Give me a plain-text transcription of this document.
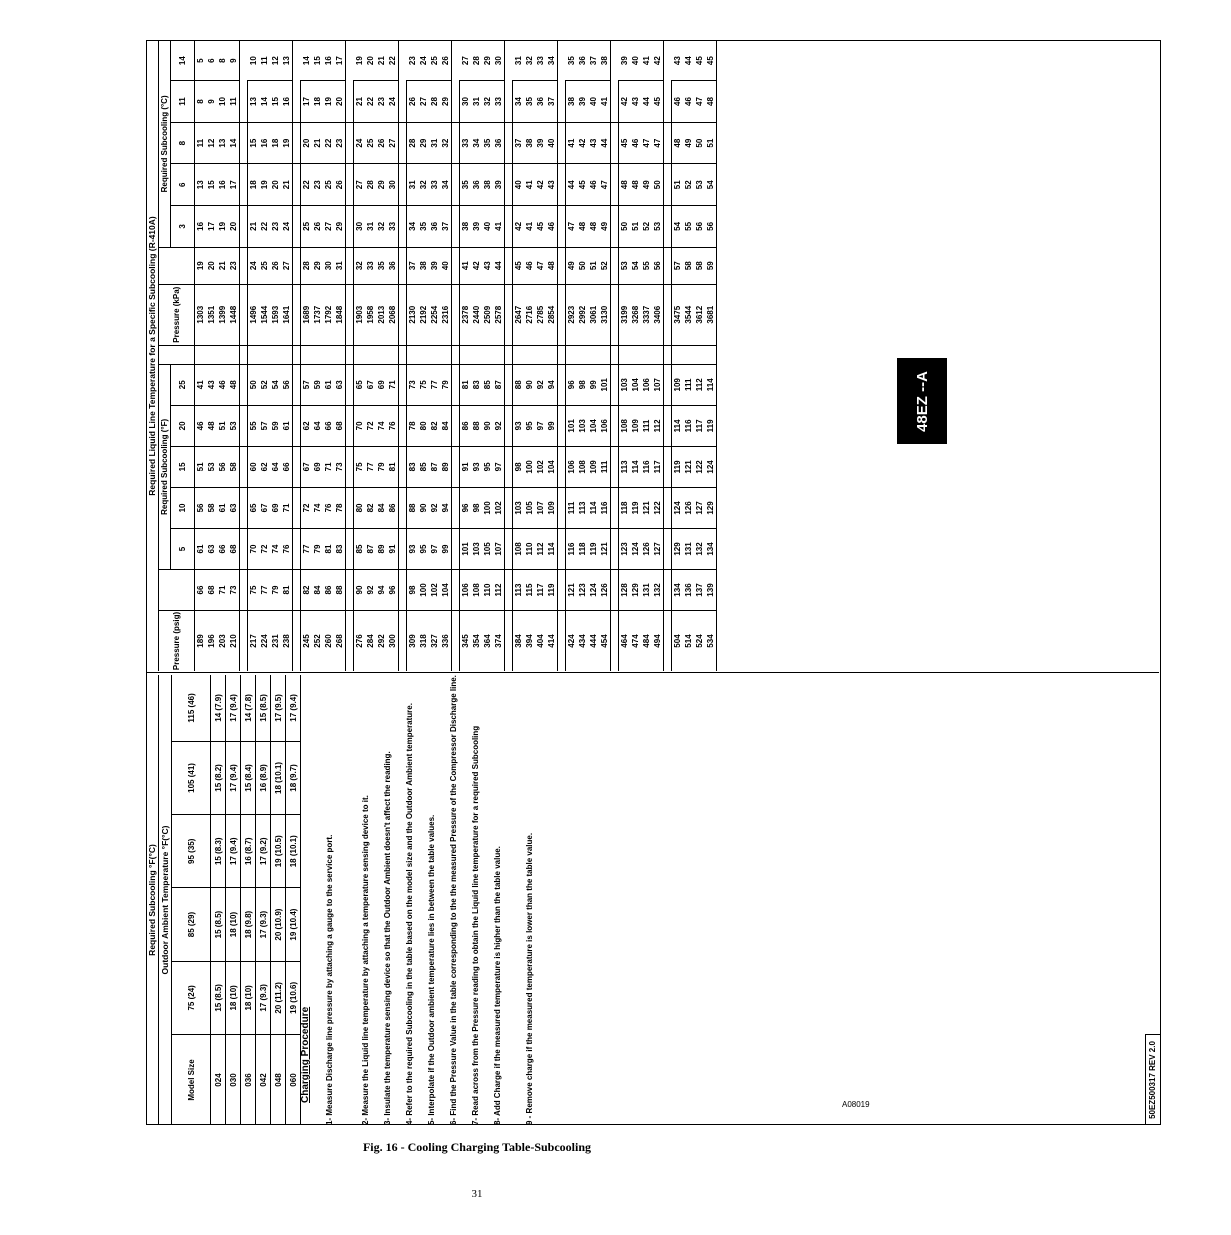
Required Subcooling °F(°C) Outdoor Ambient Temperature °F(°C)
Model Size	75 (24)	85 (29)	95 (35)	105 (41)	115 (46)
024	15 (8.5)	15 (8.5)	15 (8.3)	15 (8.2)	14 (7.9)
030	18 (10)	18 (10)	17 (9.4)	17 (9.4)	17 (9.4)
036	18 (10)	18 (9.8)	16 (8.7)	15 (8.4)	14 (7.8)
042	17 (9.3)	17 (9.3)	17 (9.2)	16 (8.9)	15 (8.5)
048	20 (11.2)	20 (10.9)	19 (10.5)	18 (10.1)	17 (9.5)
060	19 (10.6)	19 (10.4)	18 (10.1)	18 (9.7)	17 (9.4)
Charging Procedure 1- Measure Discharge line pressure by attaching a gauge to the service port.	2- Measure the Liquid line temperature by attaching a temperature sensing device to it.	3- Insulate the temperature sensing device so that the Outdoor Ambient doesn't affect the reading.	4- Refer to the required Subcooling in the table based on the model size and the Outdoor Ambient temperature.	5- Interpolate if the Outdoor ambient temperature lies in between the table values.	6- Find the Pressure Value in the table corresponding to the the measured Pressure of the Compressor Discharge line.	7- Read across from the Pressure reading to obtain the Liquid line temperature for a required Subcooling	8- Add Charge if the measured temperature is higher than the table value.	9 - Remove charge if the measured temperature is lower than the table value.	50EZ500317 REV 2.0
Required Liquid Line Temperature for a Specific Subcooling (R-410A)
Pressure (psig)		Required Subcooling (°F)						Pressure (kPa)		Required Subcooling (°C)				
		5	10	15	20	25				3	6	8	11	14
189	66	61	56	51	46	41		1303	19	16	13	11	8	5
196	68	63	58	53	48	43		1351	20	17	15	12	9	6
203	71	66	61	56	51	46		1399	21	19	16	13	10	8
210	73	68	63	58	53	48		1448	23	20	17	14	11	9

217	75	70	65	60	55	50		1496	24	21	18	15	13	10
224	77	72	67	62	57	52		1544	25	22	19	16	14	11
231	79	74	69	64	59	54		1593	26	23	20	18	15	12
238	81	76	71	66	61	56		1641	27	24	21	19	16	13

245	82	77	72	67	62	57		1689	28	25	22	20	17	14
252	84	79	74	69	64	59		1737	29	26	23	21	18	15
260	86	81	76	71	66	61		1792	30	27	25	22	19	16
268	88	83	78	73	68	63		1848	31	29	26	23	20	17

276	90	85	80	75	70	65		1903	32	30	27	24	21	19
284	92	87	82	77	72	67		1958	33	31	28	25	22	20
292	94	89	84	79	74	69		2013	35	32	29	26	23	21
300	96	91	86	81	76	71		2068	36	33	30	27	24	22

309	98	93	88	83	78	73		2130	37	34	31	28	26	23
318	100	95	90	85	80	75		2192	38	35	32	29	27	24
327	102	97	92	87	82	77		2254	39	36	33	31	28	25
336	104	99	94	89	84	79		2316	40	37	34	32	29	26

345	106	101	96	91	86	81		2378	41	38	35	33	30	27
354	108	103	98	93	88	83		2440	42	39	36	34	31	28
364	110	105	100	95	90	85		2509	43	40	38	35	32	29
374	112	107	102	97	92	87		2578	44	41	39	36	33	30

384	113	108	103	98	93	88		2647	45	42	40	37	34	31
394	115	110	105	100	95	90		2716	46	41	41	38	35	32
404	117	112	107	102	97	92		2785	47	45	42	39	36	33
414	119	114	109	104	99	94		2854	48	46	43	40	37	34

424	121	116	111	106	101	96		2923	49	47	44	41	38	35
434	123	118	113	108	103	98		2992	50	48	45	42	39	36
444	124	119	114	109	104	99		3061	51	48	46	43	40	37
454	126	121	116	111	106	101		3130	52	49	47	44	41	38

464	128	123	118	113	108	103		3199	53	50	48	45	42	39
474	129	124	119	114	109	104		3268	54	51	48	46	43	40
484	131	126	121	116	111	106		3337	55	52	49	47	44	41
494	132	127	122	117	112	107		3406	56	53	50	47	45	42

504	134	129	124	119	114	109		3475	57	54	51	48	46	43
514	136	131	126	121	116	111		3544	58	55	52	49	46	44
524	137	132	127	122	117	112		3612	58	56	53	50	47	45
534	139	134	129	124	119	114		3681	59	56	54	51	48	45
48EZ --A
A08019
Fig. 16 - Cooling Charging Table-Subcooling
31
